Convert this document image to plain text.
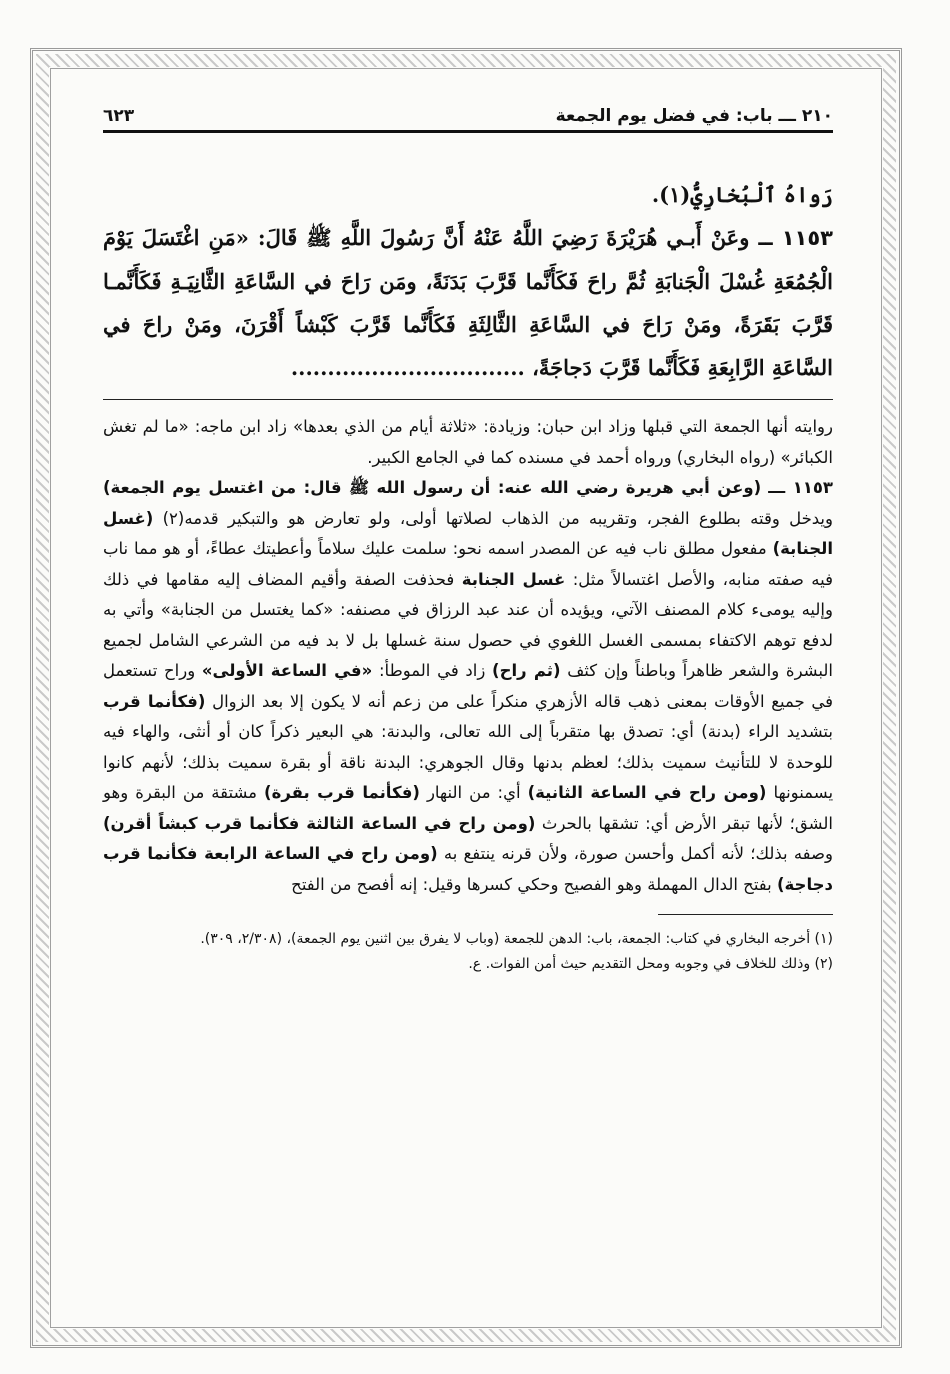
٢١٠ ـــ باب: في فضل يوم الجمعة
٦٢٣

رَواهُ ٱلْبُخارِيُّ(١).

١١٥٣ ــ وعَنْ أَبـي هُرَيْرَةَ رَضِيَ اللَّهُ عَنْهُ أَنَّ رَسُولَ اللَّهِ ﷺ قَالَ: «مَنِ اغْتَسَلَ يَوْمَ الْجُمُعَةِ غُسْلَ الْجَنابَةِ ثُمَّ راحَ فَكَأَنَّما قَرَّبَ بَدَنَةً، ومَن رَاحَ في السَّاعَةِ الثَّانِيَـةِ فَكَأَنَّمـا قَرَّبَ بَقَرَةً، ومَنْ رَاحَ في السَّاعَةِ الثَّالِثَةِ فَكَأَنَّما قَرَّبَ كَبْشاً أَقْرَنَ، ومَنْ راحَ في السَّاعَةِ الرَّابِعَةِ فَكَأَنَّما قَرَّبَ دَجاجَةً، ................................

روايته أنها الجمعة التي قبلها وزاد ابن حبان: وزيادة: «ثلاثة أيام من الذي بعدها» زاد ابن ماجه: «ما لم تغش الكبائر» (رواه البخاري) ورواه أحمد في مسنده كما في الجامع الكبير.

١١٥٣ ـــ (وعن أبي هريرة رضي الله عنه: أن رسول الله ﷺ قال: من اغتسل يوم الجمعة) ويدخل وقته بطلوع الفجر، وتقريبه من الذهاب لصلاتها أولى، ولو تعارض هو والتبكير قدمه(٢) (غسل الجنابة) مفعول مطلق ناب فيه عن المصدر اسمه نحو: سلمت عليك سلاماً وأعطيتك عطاءً، أو هو مما ناب فيه صفته منابه، والأصل اغتسالاً مثل: غسل الجنابة فحذفت الصفة وأقيم المضاف إليه مقامها في ذلك وإليه يومىء كلام المصنف الآتي، ويؤيده أن عند عبد الرزاق في مصنفه: «كما يغتسل من الجنابة» وأتي به لدفع توهم الاكتفاء بمسمى الغسل اللغوي في حصول سنة غسلها بل لا بد فيه من الشرعي الشامل لجميع البشرة والشعر ظاهراً وباطناً وإن كثف (ثم راح) زاد في الموطأ: «في الساعة الأولى» وراح تستعمل في جميع الأوقات بمعنى ذهب قاله الأزهري منكراً على من زعم أنه لا يكون إلا بعد الزوال (فكأنما قرب بتشديد الراء (بدنة) أي: تصدق بها متقرباً إلى الله تعالى، والبدنة: هي البعير ذكراً كان أو أنثى، والهاء فيه للوحدة لا للتأنيث سميت بذلك؛ لعظم بدنها وقال الجوهري: البدنة ناقة أو بقرة سميت بذلك؛ لأنهم كانوا يسمنونها (ومن راح في الساعة الثانية) أي: من النهار (فكأنما قرب بقرة) مشتقة من البقرة وهو الشق؛ لأنها تبقر الأرض أي: تشقها بالحرث (ومن راح في الساعة الثالثة فكأنما قرب كبشاً أقرن) وصفه بذلك؛ لأنه أكمل وأحسن صورة، ولأن قرنه ينتفع به (ومن راح في الساعة الرابعة فكأنما قرب دجاجة) بفتح الدال المهملة وهو الفصيح وحكي كسرها وقيل: إنه أفصح من الفتح

(١) أخرجه البخاري في كتاب: الجمعة، باب: الدهن للجمعة (وباب لا يفرق بين اثنين يوم الجمعة)، (٢/٣٠٨، ٣٠٩).

(٢) وذلك للخلاف في وجوبه ومحل التقديم حيث أمن الفوات. ع.
